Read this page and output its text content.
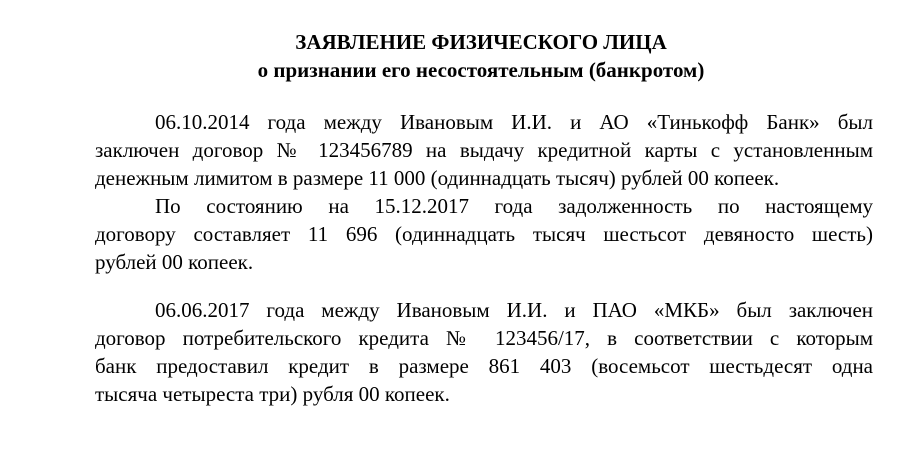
ЗАЯВЛЕНИЕ ФИЗИЧЕСКОГО ЛИЦА
о признании его несостоятельным (банкротом)
06.10.2014 года между Ивановым И.И. и АО «Тинькофф Банк» был
заключен договор № 123456789 на выдачу кредитной карты с установленным
денежным лимитом в размере 11 000 (одиннадцать тысяч) рублей 00 копеек.
По состоянию на 15.12.2017 года задолженность по настоящему
договору составляет 11 696 (одиннадцать тысяч шестьсот девяносто шесть)
рублей 00 копеек.
06.06.2017 года между Ивановым И.И. и ПАО «МКБ» был заключен
договор потребительского кредита № 123456/17, в соответствии с которым
банк предоставил кредит в размере 861 403 (восемьсот шестьдесят одна
тысяча четыреста три) рубля 00 копеек.
